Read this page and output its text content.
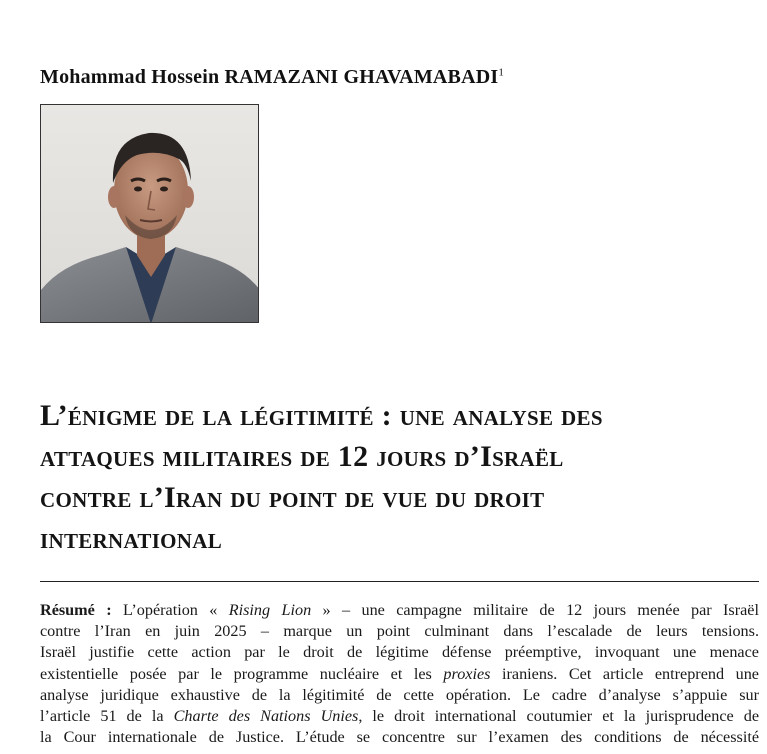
Mohammad Hossein RAMAZANI GHAVAMABADI$^1$
L’énigme de la légitimité : une analyse des
attaques militaires de 12 jours d’Israël
contre l’Iran du point de vue du droit
international
Résumé : L’opération « Rising Lion » – une campagne militaire de 12 jours menée par Israël
contre l’Iran en juin 2025 – marque un point culminant dans l’escalade de leurs tensions.
Israël justifie cette action par le droit de légitime défense préemptive, invoquant une menace
existentielle posée par le programme nucléaire et les proxies iraniens. Cet article entreprend une
analyse juridique exhaustive de la légitimité de cette opération. Le cadre d’analyse s’appuie sur
l’article 51 de la Charte des Nations Unies, le droit international coutumier et la jurisprudence de
la Cour internationale de Justice. L’étude se concentre sur l’examen des conditions de nécessité
